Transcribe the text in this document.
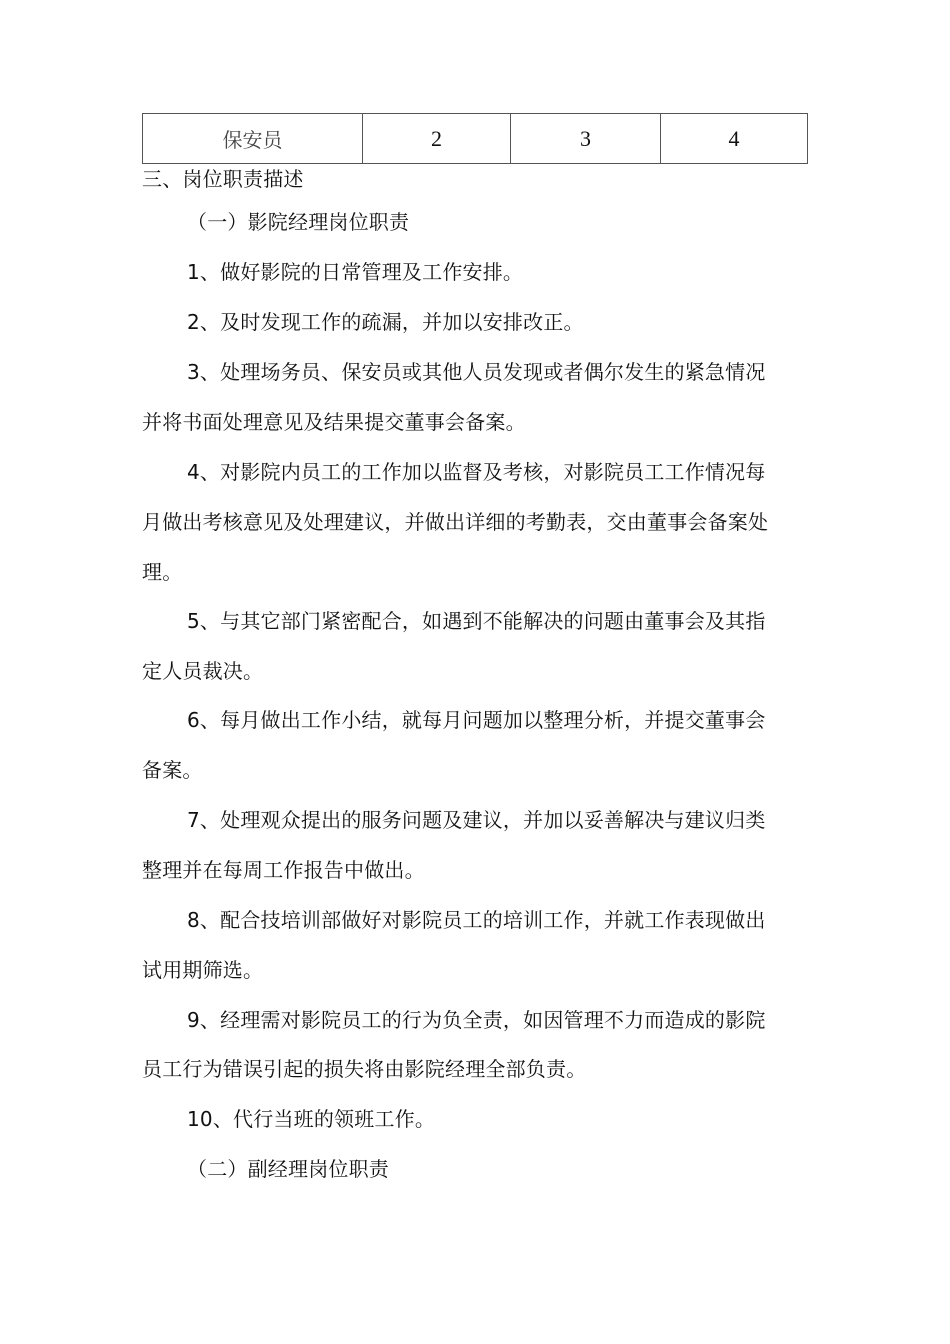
保安员	2	3	4
三、岗位职责描述
（一）影院经理岗位职责
1、做好影院的日常管理及工作安排。
2、及时发现工作的疏漏，并加以安排改正。
3、处理场务员、保安员或其他人员发现或者偶尔发生的紧急情况
并将书面处理意见及结果提交董事会备案。
4、对影院内员工的工作加以监督及考核，对影院员工工作情况每
月做出考核意见及处理建议，并做出详细的考勤表，交由董事会备案处
理。
5、与其它部门紧密配合，如遇到不能解决的问题由董事会及其指
定人员裁决。
6、每月做出工作小结，就每月问题加以整理分析，并提交董事会
备案。
7、处理观众提出的服务问题及建议，并加以妥善解决与建议归类
整理并在每周工作报告中做出。
8、配合技培训部做好对影院员工的培训工作，并就工作表现做出
试用期筛选。
9、经理需对影院员工的行为负全责，如因管理不力而造成的影院
员工行为错误引起的损失将由影院经理全部负责。
10、代行当班的领班工作。
（二）副经理岗位职责
